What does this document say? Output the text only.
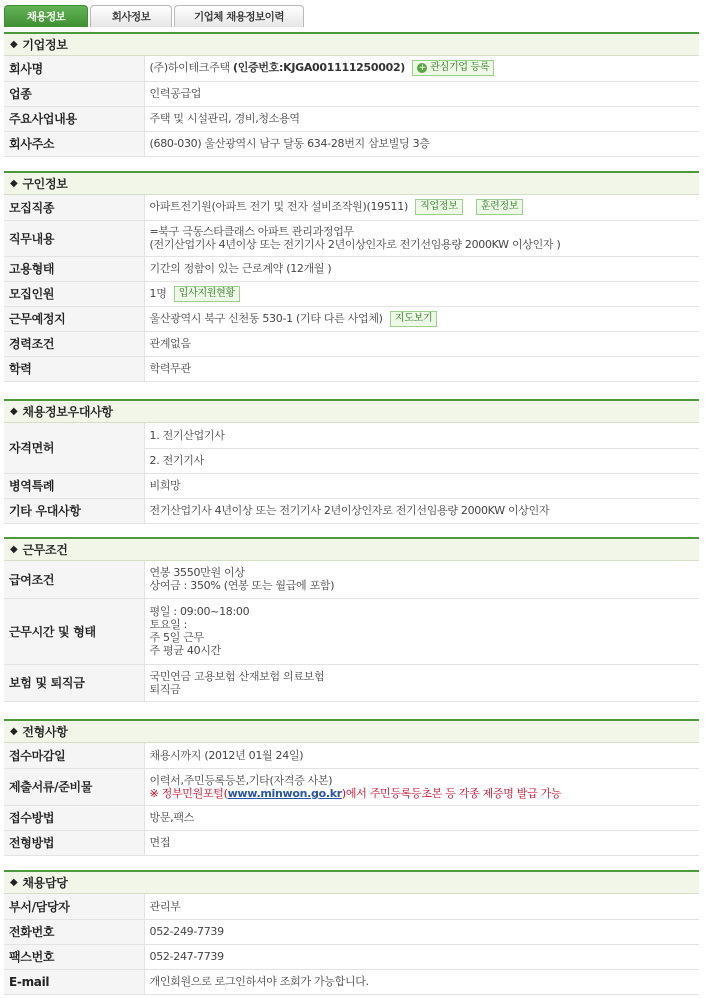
채용정보	회사정보	기업체 채용정보이력
◆ 기업정보
회사명	(주)하이테크주택 (인증번호:KJGA001111250002) + 관심기업 등록
업종	인력공급업
주요사업내용	주택 및 시설관리, 경비,청소용역
회사주소	(680-030) 울산광역시 남구 달동 634-28번지 삼보빌딩 3층
◆ 구인정보
모집직종	아파트전기원(아파트 전기 및 전자 설비조작원)(19511) 직업정보 훈련정보
직무내용	=북구 극동스타클래스 아파트 관리과정업무
(전기산업기사 4년이상 또는 전기기사 2년이상인자로 전기선임용량 2000KW 이상인자 )

고용형태	기간의 정함이 있는 근로계약 (12개월 )
모집인원	1명 입사지원현황
근무예정지	울산광역시 북구 신천동 530-1 (기타 다른 사업체) 지도보기
경력조건	관계없음
학력	학력무관
◆ 채용정보우대사항
자격면허	1. 전기산업기사
	2. 전기기사
병역특례	비희망
기타 우대사항	전기산업기사 4년이상 또는 전기기사 2년이상인자로 전기선임용량 2000KW 이상인자
◆ 근무조건
급여조건	연봉 3550만원 이상
상여금 : 350% (연봉 또는 월급에 포함)

근무시간 및 형태	평일 : 09:00~18:00
토요일 :
주 5일 근무
주 평균 40시간

보험 및 퇴직금	국민연금 고용보험 산재보험 의료보험
퇴직금
◆ 전형사항
접수마감일	채용시까지 (2012년 01월 24일)
제출서류/준비물	이력서,주민등록등본,기타(자격증 사본)
※ 정부민원포털(www.minwon.go.kr)에서 주민등록등초본 등 각종 제증명 발급 가능

접수방법	방문,팩스
전형방법	면접
◆ 채용담당
부서/담당자	관리부
전화번호	052-249-7739
팩스번호	052-247-7739
E-mail	개인회원으로 로그인하셔야 조회가 가능합니다.
